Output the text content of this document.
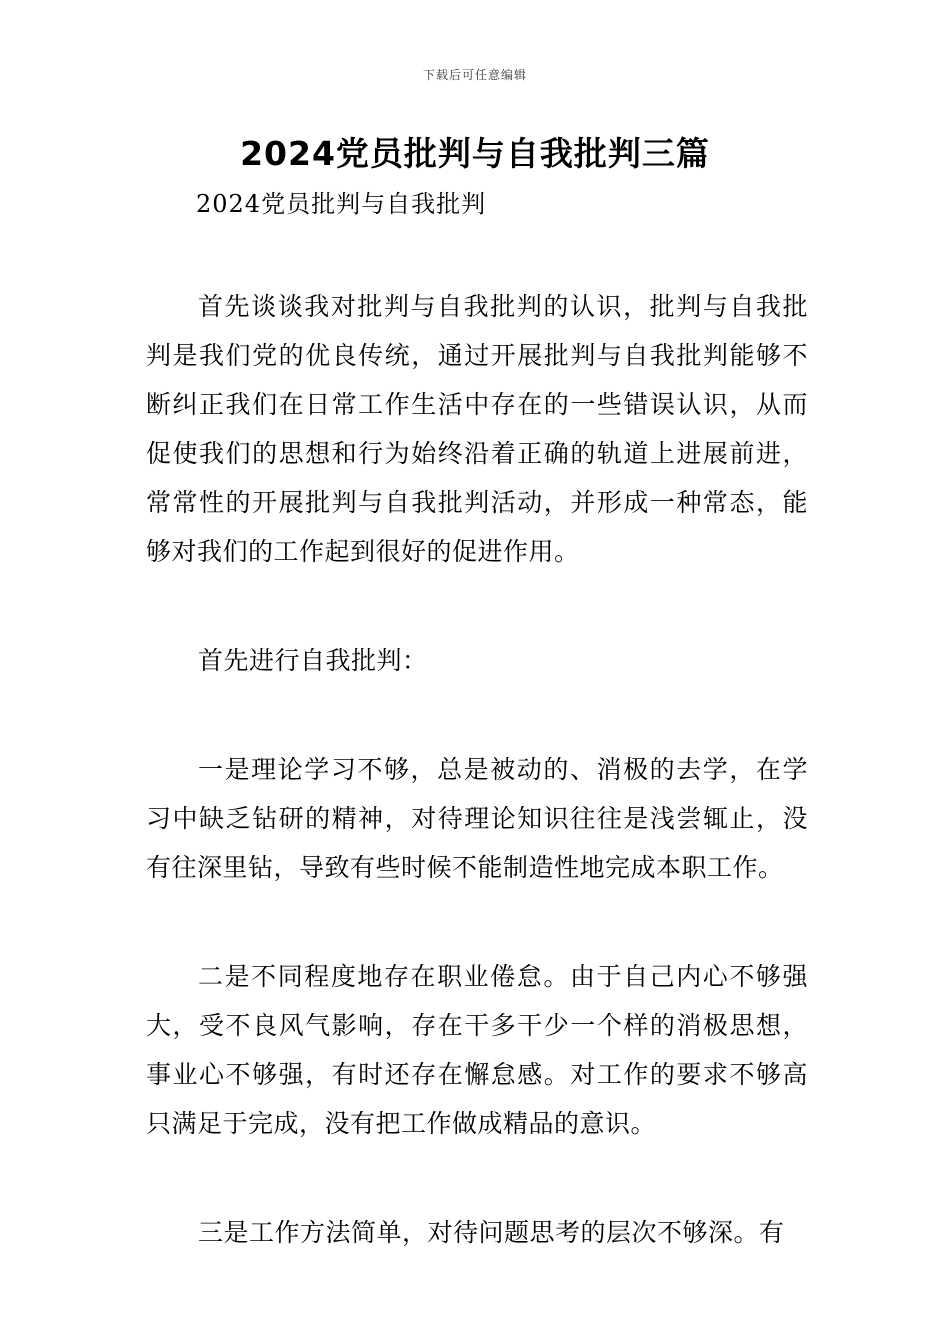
下载后可任意编辑
2024党员批判与自我批判三篇
2024党员批判与自我批判

首先谈谈我对批判与自我批判的认识，批判与自我批判是我们党的优良传统，通过开展批判与自我批判能够不断纠正我们在日常工作生活中存在的一些错误认识，从而促使我们的思想和行为始终沿着正确的轨道上进展前进，常常性的开展批判与自我批判活动，并形成一种常态，能够对我们的工作起到很好的促进作用。

首先进行自我批判：

一是理论学习不够，总是被动的、消极的去学，在学习中缺乏钻研的精神，对待理论知识往往是浅尝辄止，没有往深里钻，导致有些时候不能制造性地完成本职工作。

二是不同程度地存在职业倦怠。由于自己内心不够强大，受不良风气影响，存在干多干少一个样的消极思想，事业心不够强，有时还存在懈怠感。对工作的要求不够高只满足于完成，没有把工作做成精品的意识。

三是工作方法简单，对待问题思考的层次不够深。有
